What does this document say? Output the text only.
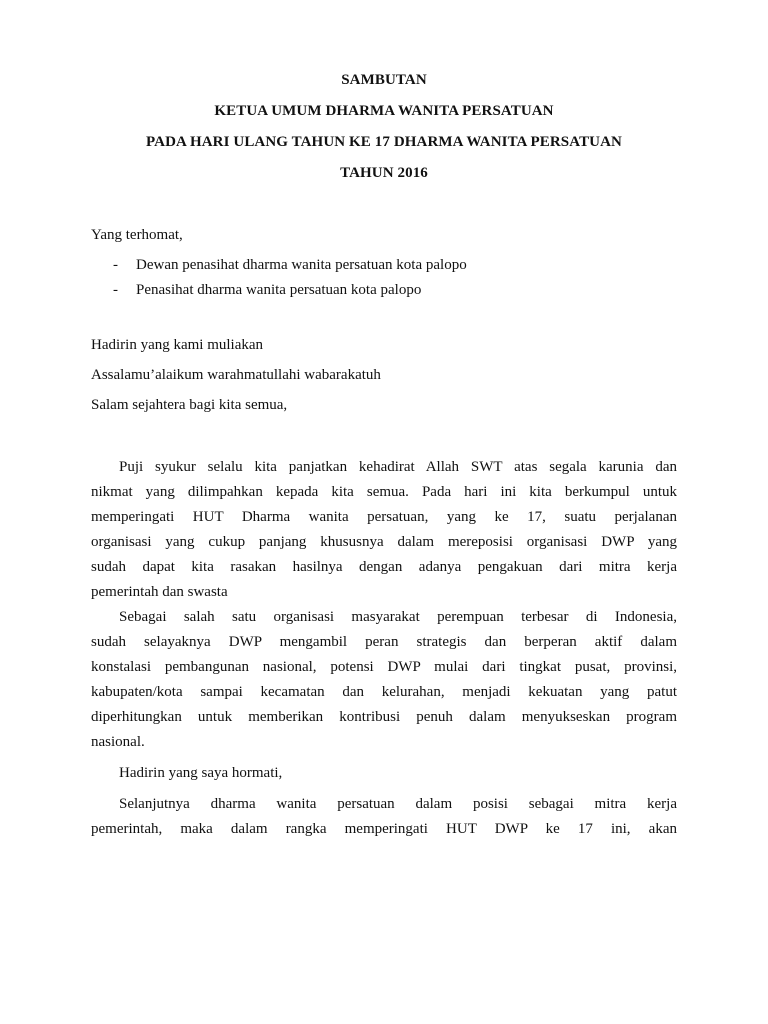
SAMBUTAN
KETUA UMUM DHARMA WANITA PERSATUAN
PADA HARI ULANG TAHUN KE 17 DHARMA WANITA PERSATUAN
TAHUN 2016
Yang terhomat,
- Dewan penasihat dharma wanita persatuan kota palopo
- Penasihat dharma wanita persatuan kota palopo
Hadirin yang kami muliakan
Assalamu’alaikum warahmatullahi wabarakatuh
Salam sejahtera bagi kita semua,
Puji syukur selalu kita panjatkan kehadirat Allah SWT atas segala karunia dan
nikmat yang dilimpahkan kepada kita semua. Pada hari ini kita berkumpul untuk
memperingati HUT Dharma wanita persatuan, yang ke 17, suatu perjalanan
organisasi yang cukup panjang khususnya dalam mereposisi organisasi DWP yang
sudah dapat kita rasakan hasilnya dengan adanya pengakuan dari mitra kerja
pemerintah dan swasta
Sebagai salah satu organisasi masyarakat perempuan terbesar di Indonesia,
sudah selayaknya DWP mengambil peran strategis dan berperan aktif dalam
konstalasi pembangunan nasional, potensi DWP mulai dari tingkat pusat, provinsi,
kabupaten/kota sampai kecamatan dan kelurahan, menjadi kekuatan yang patut
diperhitungkan untuk memberikan kontribusi penuh dalam menyukseskan program
nasional.
Hadirin yang saya hormati,
Selanjutnya dharma wanita persatuan dalam posisi sebagai mitra kerja
pemerintah, maka dalam rangka memperingati HUT DWP ke 17 ini, akan
